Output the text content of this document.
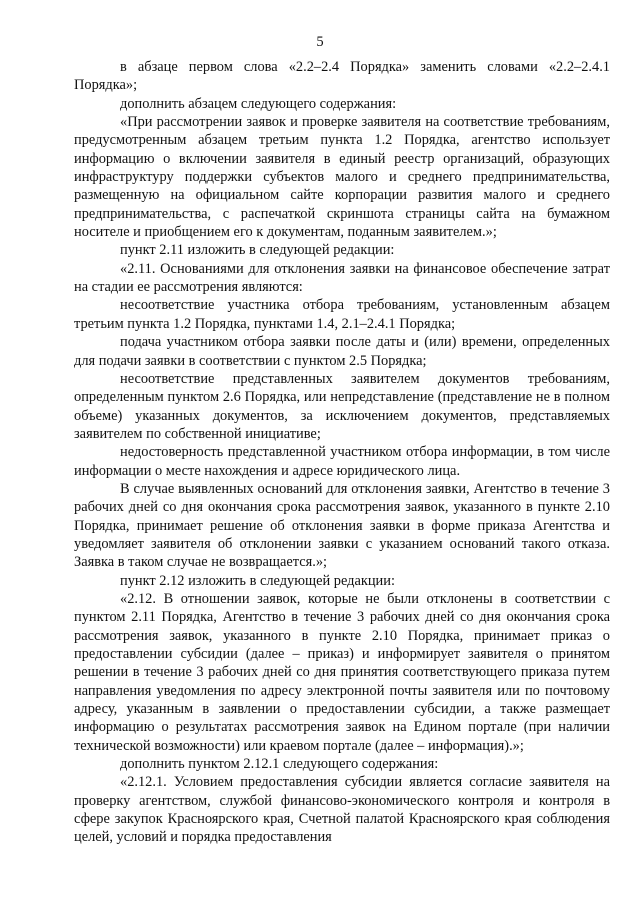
5

в абзаце первом слова «2.2–2.4 Порядка» заменить словами «2.2–2.4.1 Порядка»;

дополнить абзацем следующего содержания:

«При рассмотрении заявок и проверке заявителя на соответствие требованиям, предусмотренным абзацем третьим пункта 1.2 Порядка, агентство использует информацию о включении заявителя в единый реестр организаций, образующих инфраструктуру поддержки субъектов малого и среднего предпринимательства, размещенную на официальном сайте корпорации развития малого и среднего предпринимательства, с распечаткой скриншота страницы сайта на бумажном носителе и приобщением его к документам, поданным заявителем.»;

пункт 2.11 изложить в следующей редакции:

«2.11. Основаниями для отклонения заявки на финансовое обеспечение затрат на стадии ее рассмотрения являются:

несоответствие участника отбора требованиям, установленным абзацем третьим пункта 1.2 Порядка, пунктами 1.4, 2.1–2.4.1 Порядка;

подача участником отбора заявки после даты и (или) времени, определенных для подачи заявки в соответствии с пунктом 2.5 Порядка;

несоответствие представленных заявителем документов требованиям, определенным пунктом 2.6 Порядка, или непредставление (представление не в полном объеме) указанных документов, за исключением документов, представляемых заявителем по собственной инициативе;

недостоверность представленной участником отбора информации, в том числе информации о месте нахождения и адресе юридического лица.

В случае выявленных оснований для отклонения заявки, Агентство в течение 3 рабочих дней со дня окончания срока рассмотрения заявок, указанного в пункте 2.10 Порядка, принимает решение об отклонения заявки в форме приказа Агентства и уведомляет заявителя об отклонении заявки с указанием оснований такого отказа. Заявка в таком случае не возвращается.»;

пункт 2.12 изложить в следующей редакции:

«2.12. В отношении заявок, которые не были отклонены в соответствии с пунктом 2.11 Порядка, Агентство в течение 3 рабочих дней со дня окончания срока рассмотрения заявок, указанного в пункте 2.10 Порядка, принимает приказ о предоставлении субсидии (далее – приказ) и информирует заявителя о принятом решении в течение 3 рабочих дней со дня принятия соответствующего приказа путем направления уведомления по адресу электронной почты заявителя или по почтовому адресу, указанным в заявлении о предоставлении субсидии, а также размещает информацию о результатах рассмотрения заявок на Едином портале (при наличии технической возможности) или краевом портале (далее – информация).»;

дополнить пунктом 2.12.1 следующего содержания:

«2.12.1. Условием предоставления субсидии является согласие заявителя на проверку агентством, службой финансово-экономического контроля и контроля в сфере закупок Красноярского края, Счетной палатой Красноярского края соблюдения целей, условий и порядка предоставления
